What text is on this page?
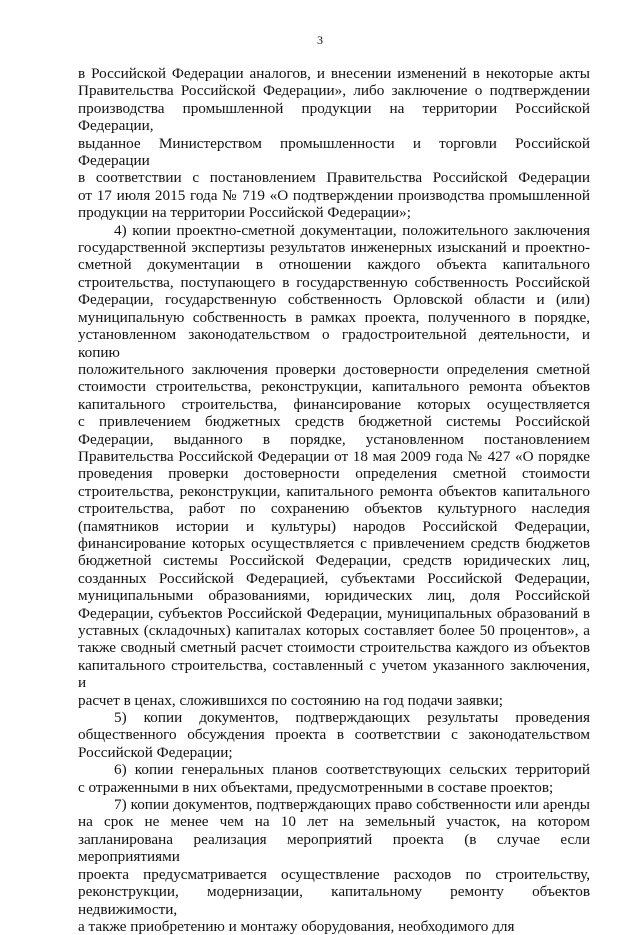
3
в Российской Федерации аналогов, и внесении изменений в некоторые акты
Правительства Российской Федерации», либо заключение о подтверждении
производства промышленной продукции на территории Российской Федерации,
выданное Министерством промышленности и торговли Российской Федерации
в соответствии с постановлением Правительства Российской Федерации
от 17 июля 2015 года № 719 «О подтверждении производства промышленной
продукции на территории Российской Федерации»;
4) копии проектно-сметной документации, положительного заключения
государственной экспертизы результатов инженерных изысканий и проектно-
сметной документации в отношении каждого объекта капитального
строительства, поступающего в государственную собственность Российской
Федерации, государственную собственность Орловской области и (или)
муниципальную собственность в рамках проекта, полученного в порядке,
установленном законодательством о градостроительной деятельности, и копию
положительного заключения проверки достоверности определения сметной
стоимости строительства, реконструкции, капитального ремонта объектов
капитального строительства, финансирование которых осуществляется
с привлечением бюджетных средств бюджетной системы Российской
Федерации, выданного в порядке, установленном постановлением
Правительства Российской Федерации от 18 мая 2009 года № 427 «О порядке
проведения проверки достоверности определения сметной стоимости
строительства, реконструкции, капитального ремонта объектов капитального
строительства, работ по сохранению объектов культурного наследия
(памятников истории и культуры) народов Российской Федерации,
финансирование которых осуществляется с привлечением средств бюджетов
бюджетной системы Российской Федерации, средств юридических лиц,
созданных Российской Федерацией, субъектами Российской Федерации,
муниципальными образованиями, юридических лиц, доля Российской
Федерации, субъектов Российской Федерации, муниципальных образований в
уставных (складочных) капиталах которых составляет более 50 процентов», а
также сводный сметный расчет стоимости строительства каждого из объектов
капитального строительства, составленный с учетом указанного заключения, и
расчет в ценах, сложившихся по состоянию на год подачи заявки;
5) копии документов, подтверждающих результаты проведения
общественного обсуждения проекта в соответствии с законодательством
Российской Федерации;
6) копии генеральных планов соответствующих сельских территорий
с отраженными в них объектами, предусмотренными в составе проектов;
7) копии документов, подтверждающих право собственности или аренды
на срок не менее чем на 10 лет на земельный участок, на котором
запланирована реализация мероприятий проекта (в случае если мероприятиями
проекта предусматривается осуществление расходов по строительству,
реконструкции, модернизации, капитальному ремонту объектов недвижимости,
а также приобретению и монтажу оборудования, необходимого для
